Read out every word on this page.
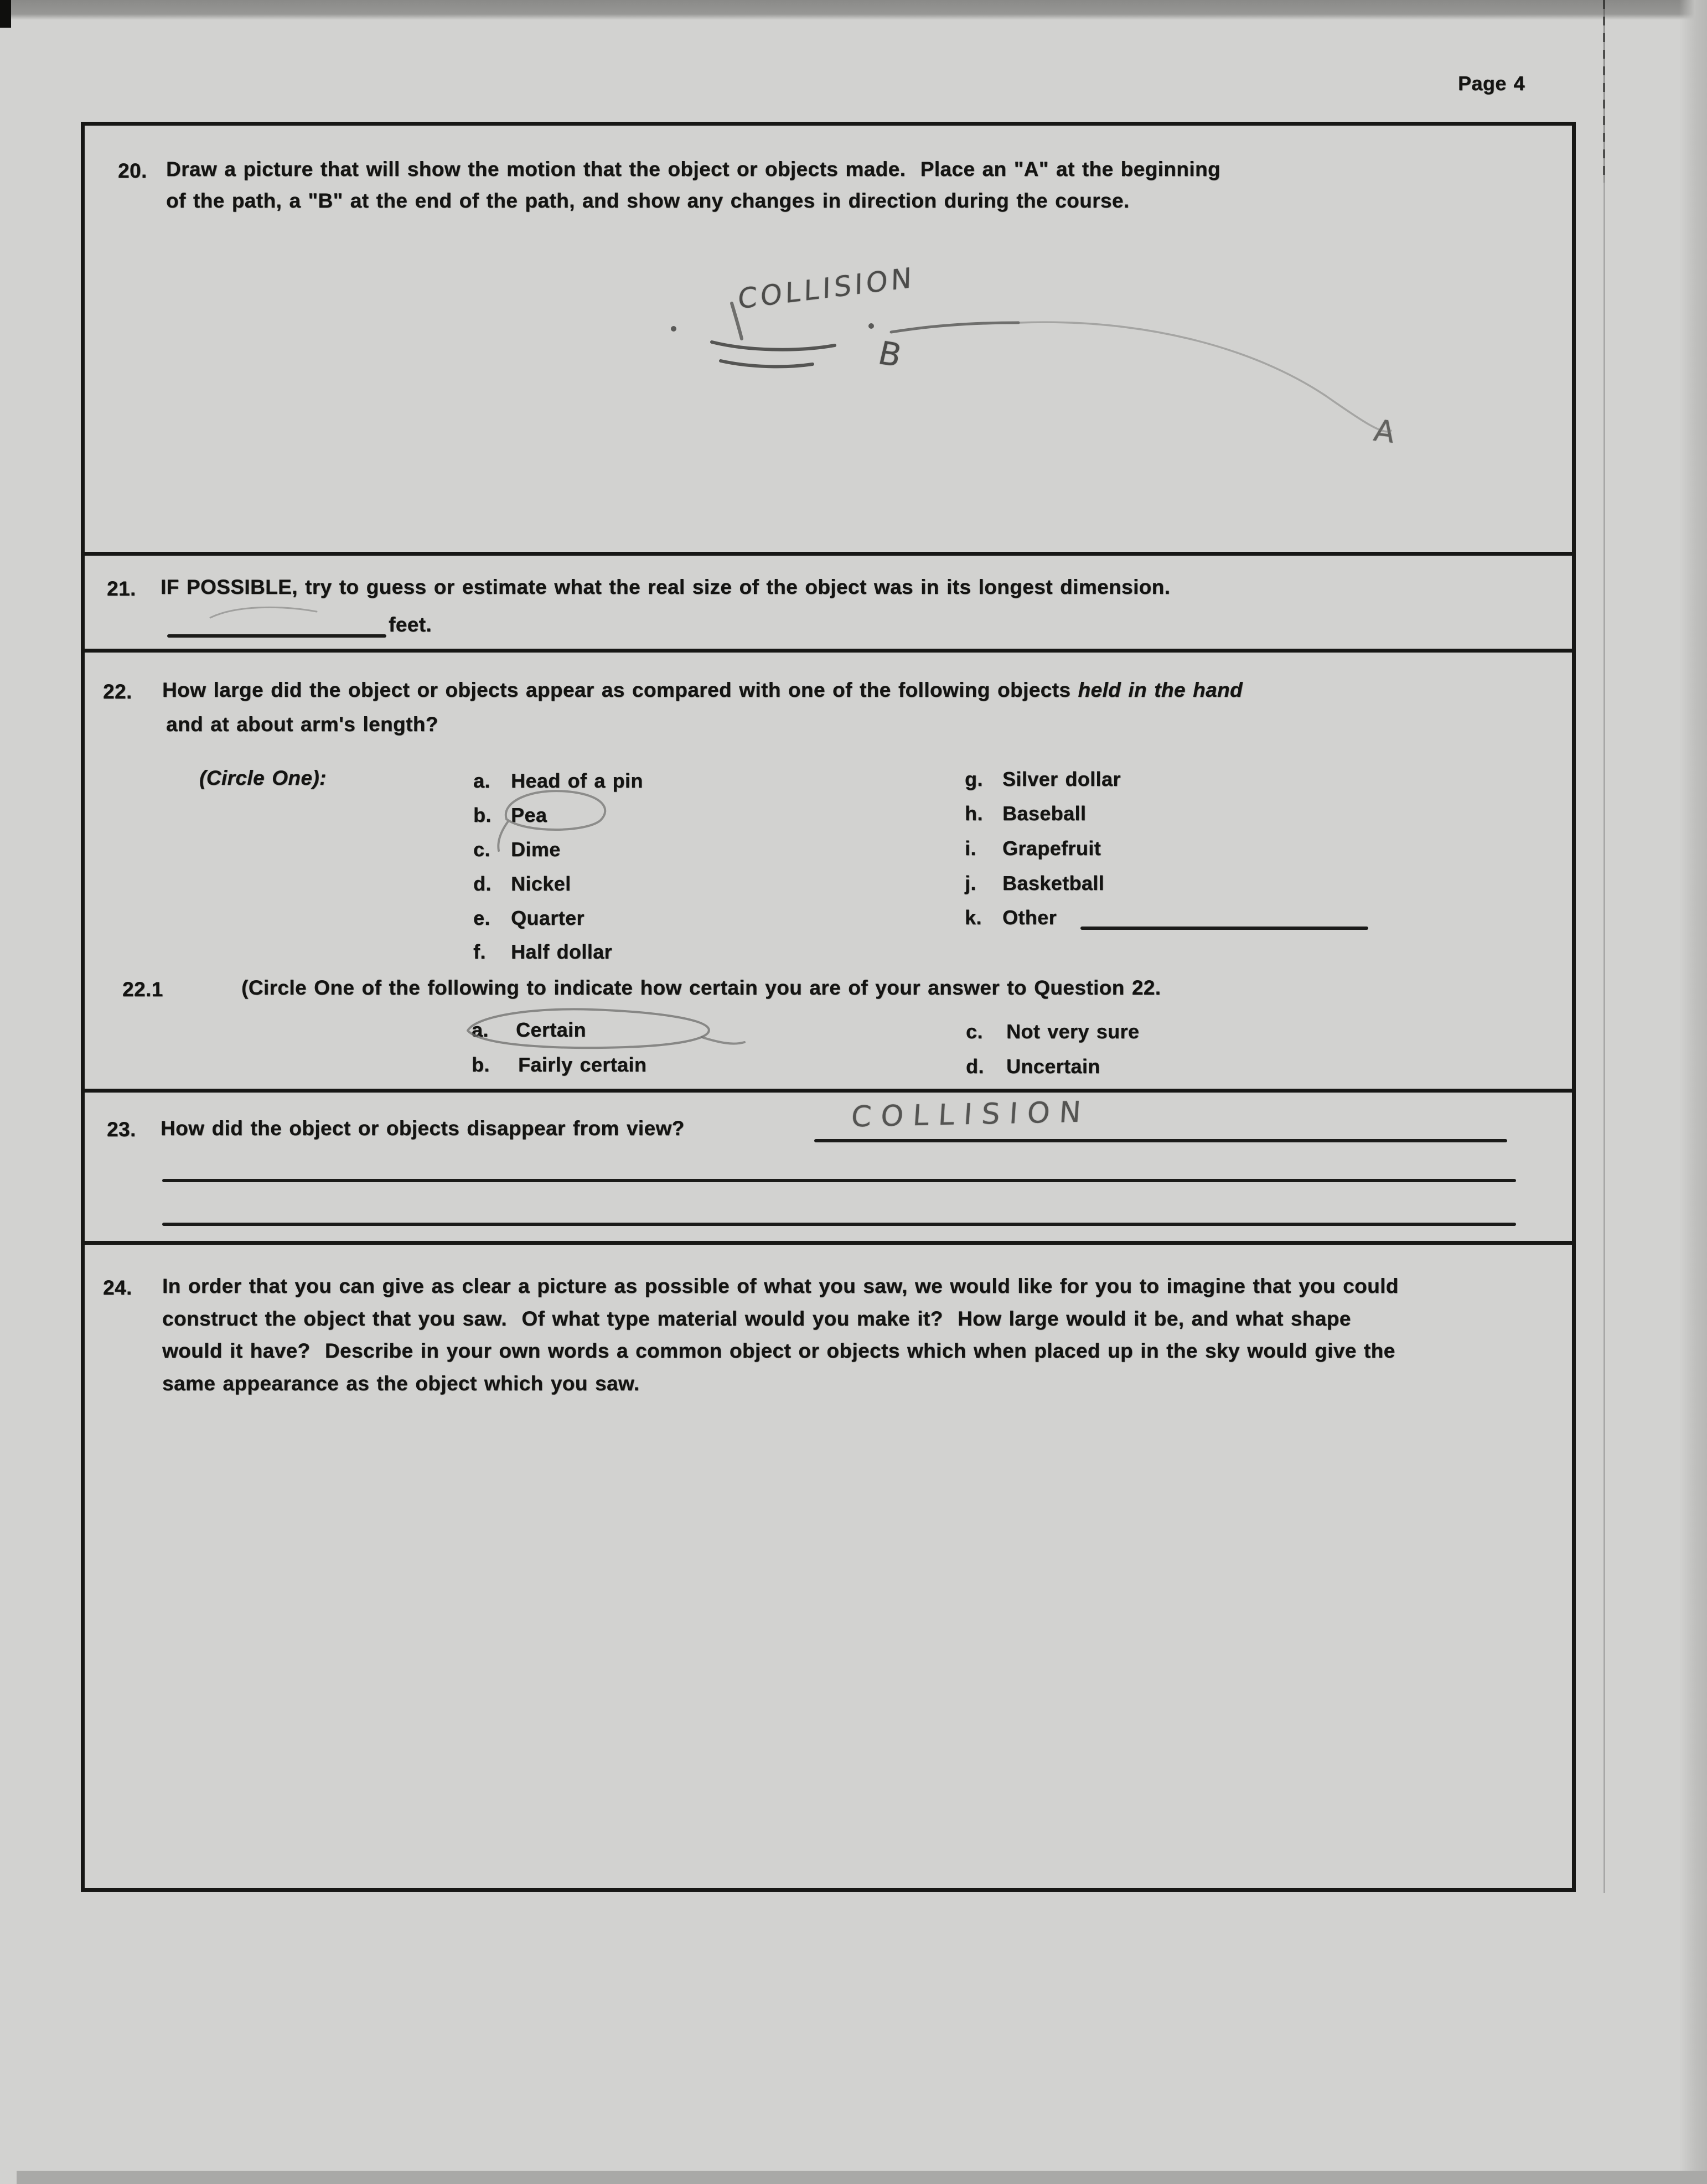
Page 4
20. Draw a picture that will show the motion that the object or objects made.  Place an "A" at the beginning
of the path, a "B" at the end of the path, and show any changes in direction during the course.
COLLISION
B
A
21. IF POSSIBLE, try to guess or estimate what the real size of the object was in its longest dimension.
feet.
22. How large did the object or objects appear as compared with one of the following objects held in the hand
and at about arm's length?
(Circle One):	a. Head of a pin
b. Pea
c. Dime
d. Nickel
e. Quarter
f. Half dollar
g. Silver dollar
h. Baseball
i. Grapefruit
j. Basketball
k. Other
22.1	(Circle One of the following to indicate how certain you are of your answer to Question 22.
a. Certain
b. Fairly certain
c. Not very sure
d. Uncertain
23. How did the object or objects disappear from view?	COLLISION
24. In order that you can give as clear a picture as possible of what you saw, we would like for you to imagine that you could
construct the object that you saw.  Of what type material would you make it?  How large would it be, and what shape
would it have?  Describe in your own words a common object or objects which when placed up in the sky would give the
same appearance as the object which you saw.
